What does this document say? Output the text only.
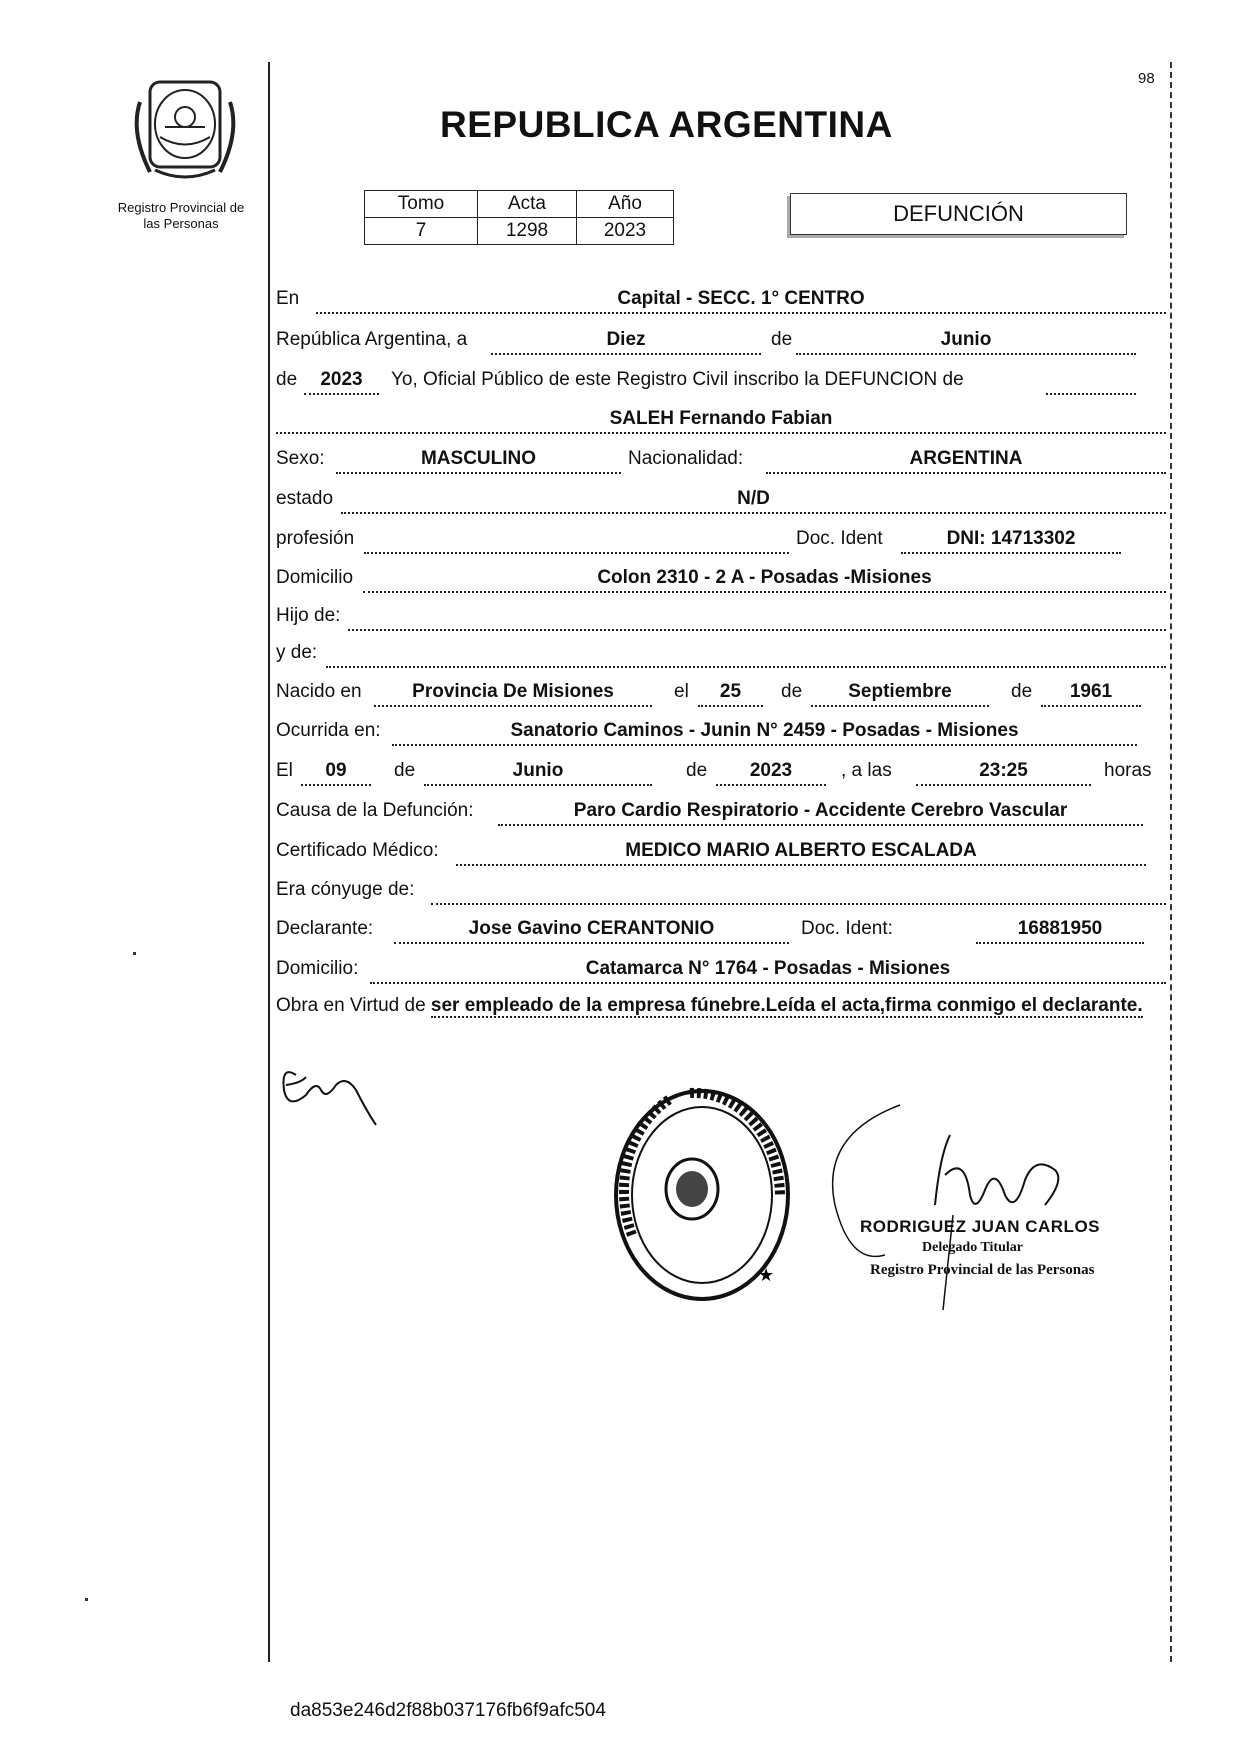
Registro Provincial de
las Personas
98
REPUBLICA ARGENTINA
Tomo	Acta	Año
7	1298	2023
DEFUNCIÓN
En	Capital - SECC. 1° CENTRO
República Argentina, a	Diez	de	Junio
de	2023	Yo, Oficial Público de este Registro Civil inscribo la DEFUNCION de
SALEH Fernando Fabian
Sexo:	MASCULINO	Nacionalidad:	ARGENTINA
estado	N/D
profesión	Doc. Ident	DNI: 14713302
Domicilio	Colon 2310 - 2 A - Posadas -Misiones
Hijo de:
y de:
Nacido en	Provincia De Misiones	el	25	de	Septiembre	de	1961
Ocurrida en:	Sanatorio Caminos - Junin N° 2459 - Posadas - Misiones
El	09	de	Junio	de	2023	, a las	23:25	horas
Causa de la Defunción:	Paro Cardio Respiratorio - Accidente Cerebro Vascular
Certificado Médico:	MEDICO MARIO ALBERTO ESCALADA
Era cónyuge de:
Declarante:	Jose Gavino CERANTONIO	Doc. Ident:	16881950
Domicilio:	Catamarca N° 1764 - Posadas - Misiones
Obra en Virtud de ser empleado de la empresa fúnebre.Leída el acta,firma conmigo el declarante.
★
RODRIGUEZ JUAN CARLOS
Delegado Titular
Registro Provincial de las Personas
da853e246d2f88b037176fb6f9afc504
